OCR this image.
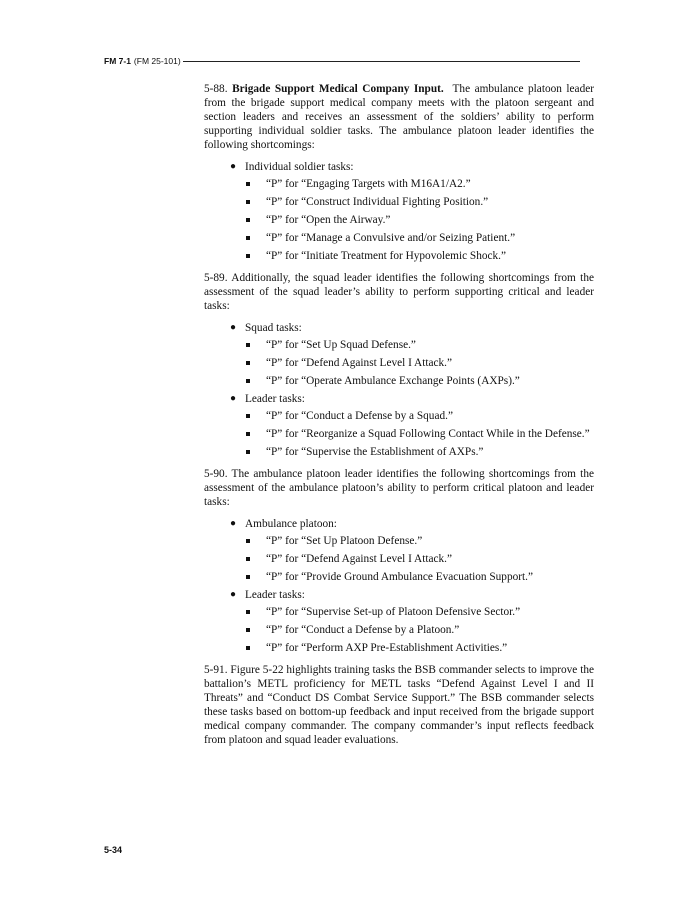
FM 7-1 (FM 25-101)

5-88. Brigade Support Medical Company Input. The ambulance platoon leader from the brigade support medical company meets with the platoon sergeant and section leaders and receives an assessment of the soldiers’ ability to perform supporting individual soldier tasks. The ambulance platoon leader identifies the following shortcomings:

● Individual soldier tasks:
“P” for “Engaging Targets with M16A1/A2.”
“P” for “Construct Individual Fighting Position.”
“P” for “Open the Airway.”
“P” for “Manage a Convulsive and/or Seizing Patient.”
“P” for “Initiate Treatment for Hypovolemic Shock.”

5-89. Additionally, the squad leader identifies the following shortcomings from the assessment of the squad leader’s ability to perform supporting critical and leader tasks:

● Squad tasks:
“P” for “Set Up Squad Defense.”
“P” for “Defend Against Level I Attack.”
“P” for “Operate Ambulance Exchange Points (AXPs).”
● Leader tasks:
“P” for “Conduct a Defense by a Squad.”
“P” for “Reorganize a Squad Following Contact While in the Defense.”
“P” for “Supervise the Establishment of AXPs.”

5-90. The ambulance platoon leader identifies the following shortcomings from the assessment of the ambulance platoon’s ability to perform critical platoon and leader tasks:

● Ambulance platoon:
“P” for “Set Up Platoon Defense.”
“P” for “Defend Against Level I Attack.”
“P” for “Provide Ground Ambulance Evacuation Support.”
● Leader tasks:
“P” for “Supervise Set-up of Platoon Defensive Sector.”
“P” for “Conduct a Defense by a Platoon.”
“P” for “Perform AXP Pre-Establishment Activities.”

5-91. Figure 5-22 highlights training tasks the BSB commander selects to improve the battalion’s METL proficiency for METL tasks “Defend Against Level I and II Threats” and “Conduct DS Combat Service Support.” The BSB commander selects these tasks based on bottom-up feedback and input received from the brigade support medical company commander. The company commander’s input reflects feedback from platoon and squad leader evaluations.

5-34
